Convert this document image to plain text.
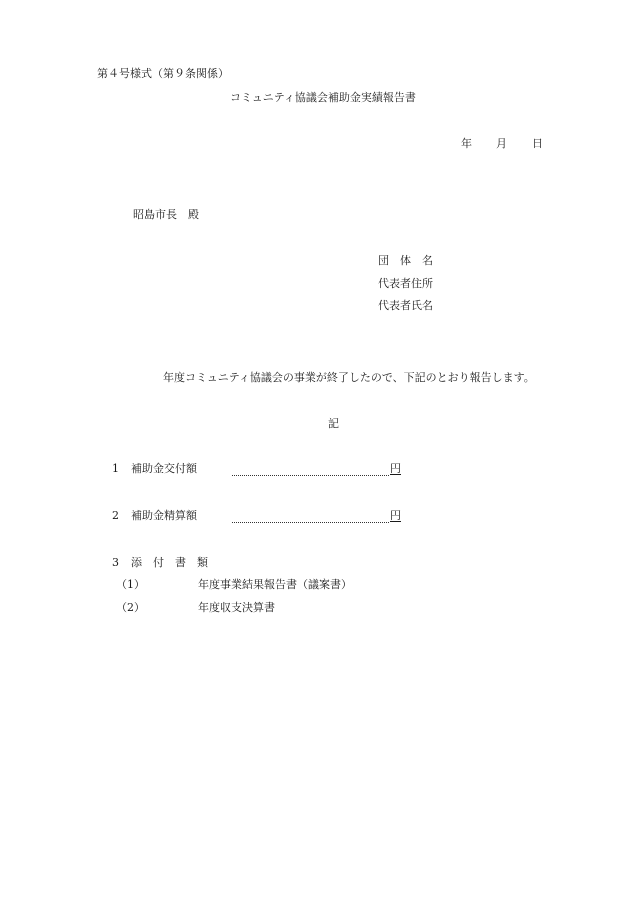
第４号様式（第９条関係）
コミュニティ協議会補助金実績報告書
年 月 日
昭島市長　殿
団　体　名
代表者住所
代表者氏名
年度コミュニティ協議会の事業が終了したので、下記のとおり報告します。
記
1 補助金交付額	円
2 補助金精算額	円
3 添　付　書　類
（1）	年度事業結果報告書（議案書）
（2）	年度収支決算書
